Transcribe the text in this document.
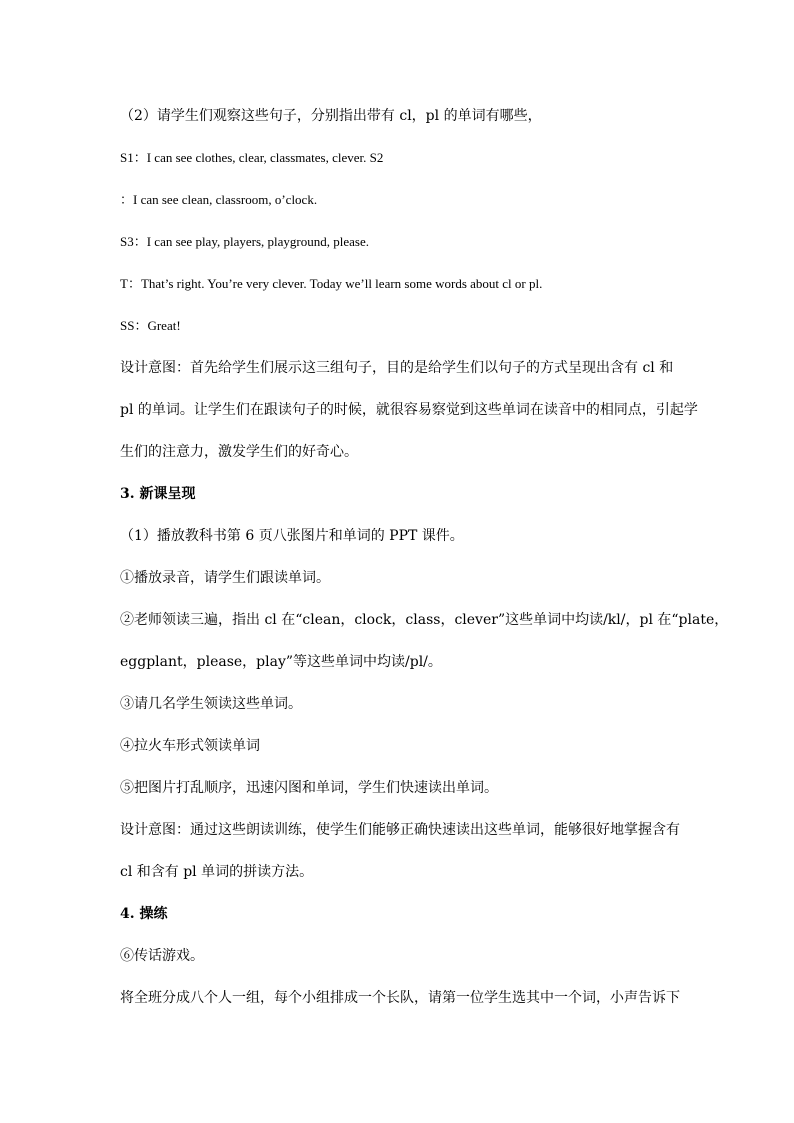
（2）请学生们观察这些句子，分别指出带有 cl，pl 的单词有哪些，
S1：I can see clothes, clear, classmates, clever. S2
：I can see clean, classroom, o’clock.
S3：I can see play, players, playground, please.
T：That’s right. You’re very clever. Today we’ll learn some words about cl or pl.
SS：Great!
设计意图：首先给学生们展示这三组句子，目的是给学生们以句子的方式呈现出含有 cl 和
pl 的单词。让学生们在跟读句子的时候，就很容易察觉到这些单词在读音中的相同点，引起学
生们的注意力，激发学生们的好奇心。
3. 新课呈现
（1）播放教科书第 6 页八张图片和单词的 PPT 课件。
①播放录音，请学生们跟读单词。
②老师领读三遍，指出 cl 在“clean，clock，class，clever”这些单词中均读/kl/，pl 在“plate，
eggplant，please，play”等这些单词中均读/pl/。
③请几名学生领读这些单词。
④拉火车形式领读单词
⑤把图片打乱顺序，迅速闪图和单词，学生们快速读出单词。
设计意图：通过这些朗读训练，使学生们能够正确快速读出这些单词，能够很好地掌握含有
cl 和含有 pl 单词的拼读方法。
4. 操练
⑥传话游戏。
将全班分成八个人一组，每个小组排成一个长队，请第一位学生选其中一个词，小声告诉下
